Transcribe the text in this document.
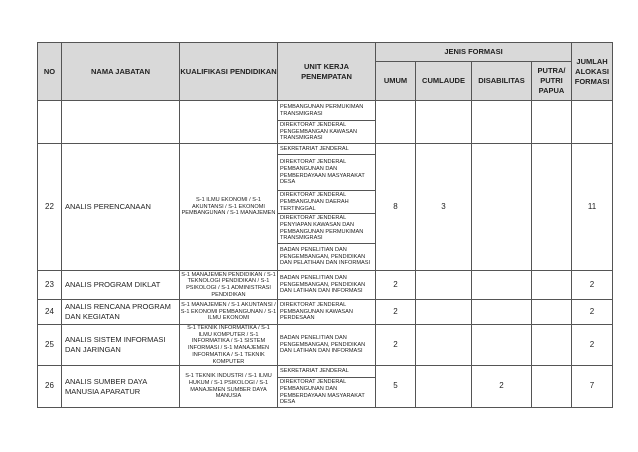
NO	NAMA JABATAN	KUALIFIKASI PENDIDIKAN	UNIT KERJA PENEMPATAN	JENIS FORMASI				JUMLAH ALOKASI FORMASI
				UMUM	CUMLAUDE	DISABILITAS	PUTRA/ PUTRI PAPUA	
			PEMBANGUNAN PERMUKIMAN TRANSMIGRASI					
			DIREKTORAT JENDERAL PENGEMBANGAN KAWASAN TRANSMIGRASI					
22	ANALIS PERENCANAAN	S-1 ILMU EKONOMI / S-1 AKUNTANSI / S-1 EKONOMI PEMBANGUNAN / S-1 MANAJEMEN	SEKRETARIAT JENDERAL	8	3			11
			DIREKTORAT JENDERAL PEMBANGUNAN DAN PEMBERDAYAAN MASYARAKAT DESA					
			DIREKTORAT JENDERAL PEMBANGUNAN DAERAH TERTINGGAL					
			DIREKTORAT JENDERAL PENYIAPAN KAWASAN DAN PEMBANGUNAN PERMUKIMAN TRANSMIGRASI					
			BADAN PENELITIAN DAN PENGEMBANGAN, PENDIDIKAN DAN PELATIHAN DAN INFORMASI					
23	ANALIS PROGRAM DIKLAT	S-1 MANAJEMEN PENDIDIKAN / S-1 TEKNOLOGI PENDIDIKAN / S-1 PSIKOLOGI / S-1 ADMINISTRASI PENDIDIKAN	BADAN PENELITIAN DAN PENGEMBANGAN, PENDIDIKAN DAN LATIHAN DAN INFORMASI	2				2
24	ANALIS RENCANA PROGRAM DAN KEGIATAN	S-1 MANAJEMEN / S-1 AKUNTANSI / S-1 EKONOMI PEMBANGUNAN / S-1 ILMU EKONOMI	DIREKTORAT JENDERAL PEMBANGUNAN KAWASAN PERDESAAN	2				2
25	ANALIS SISTEM INFORMASI DAN JARINGAN	S-1 TEKNIK INFORMATIKA / S-1 ILMU KOMPUTER / S-1 INFORMATIKA / S-1 SISTEM INFORMASI / S-1 MANAJEMEN INFORMATIKA / S-1 TEKNIK KOMPUTER	BADAN PENELITIAN DAN PENGEMBANGAN, PENDIDIKAN DAN LATIHAN DAN INFORMASI	2				2
26	ANALIS SUMBER DAYA MANUSIA APARATUR	S-1 TEKNIK INDUSTRI / S-1 ILMU HUKUM / S-1 PSIKOLOGI / S-1 MANAJEMEN SUMBER DAYA MANUSIA	SEKRETARIAT JENDERAL	5		2		7
			DIREKTORAT JENDERAL PEMBANGUNAN DAN PEMBERDAYAAN MASYARAKAT DESA					
